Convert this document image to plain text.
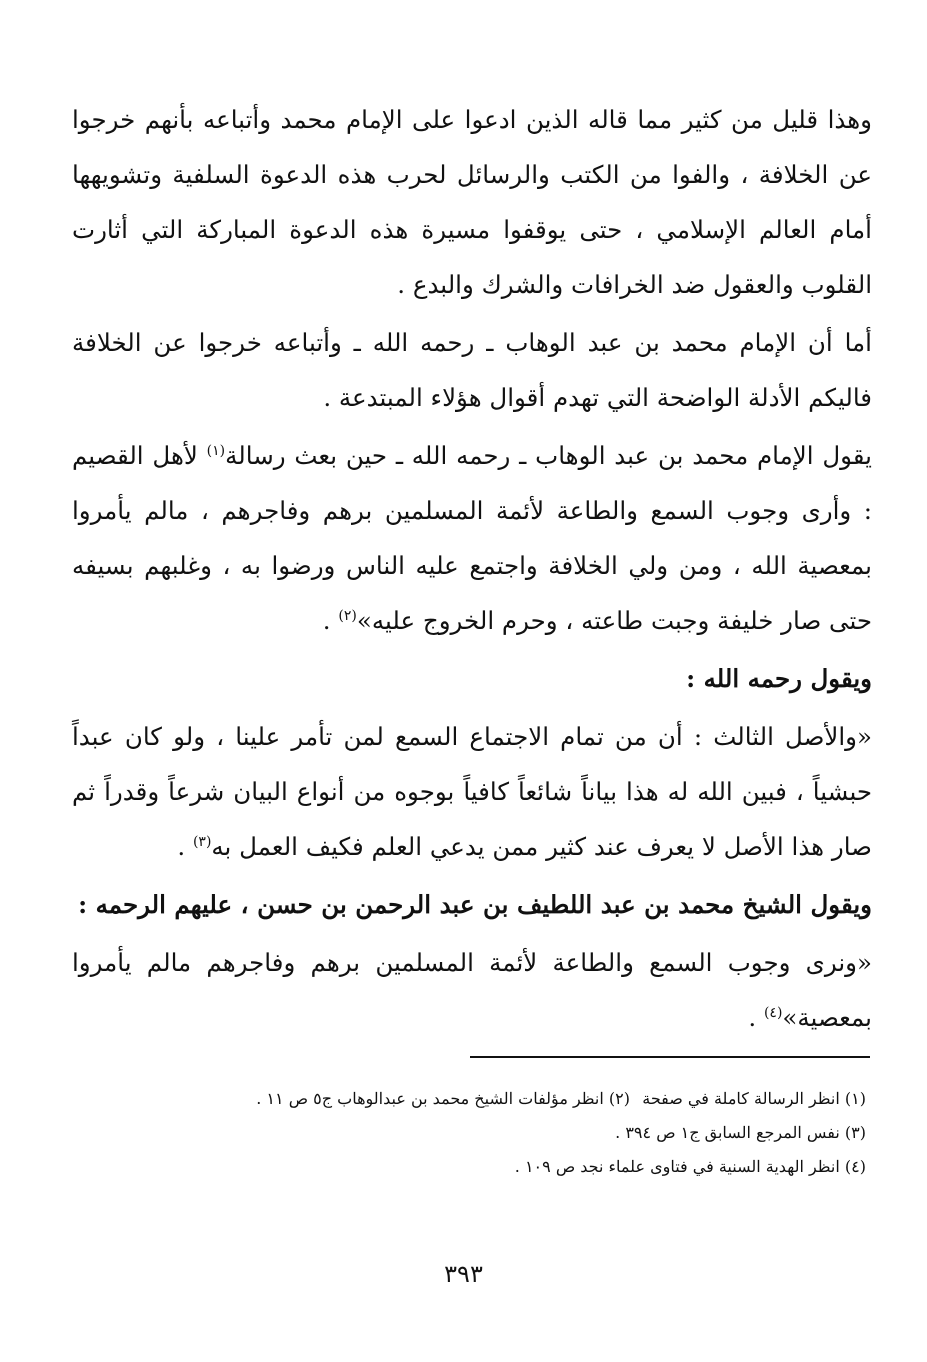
وهذا قليل من كثير مما قاله الذين ادعوا على الإمام محمد وأتباعه بأنهم خرجوا عن الخلافة ، والفوا من الكتب والرسائل لحرب هذه الدعوة السلفية وتشويهها أمام العالم الإسلامي ، حتى يوقفوا مسيرة هذه الدعوة المباركة التي أثارت القلوب والعقول ضد الخرافات والشرك والبدع .

أما أن الإمام محمد بن عبد الوهاب ـ رحمه الله ـ وأتباعه خرجوا عن الخلافة فاليكم الأدلة الواضحة التي تهدم أقوال هؤلاء المبتدعة .

يقول الإمام محمد بن عبد الوهاب ـ رحمه الله ـ حين بعث رسالة$^{(١)}$ لأهل القصيم : وأرى وجوب السمع والطاعة لأئمة المسلمين برهم وفاجرهم ، مالم يأمروا بمعصية الله ، ومن ولي الخلافة واجتمع عليه الناس ورضوا به ، وغلبهم بسيفه حتى صار خليفة وجبت طاعته ، وحرم الخروج عليه»$^{(٢)}$ .

ويقول رحمه الله :

«والأصل الثالث : أن من تمام الاجتماع السمع لمن تأمر علينا ، ولو كان عبداً حبشياً ، فبين الله له هذا بياناً شائعاً كافياً بوجوه من أنواع البيان شرعاً وقدراً ثم صار هذا الأصل لا يعرف عند كثير ممن يدعي العلم فكيف العمل به$^{(٣)}$ .

ويقول الشيخ محمد بن عبد اللطيف بن عبد الرحمن بن حسن ، عليهم الرحمه :

«ونرى وجوب السمع والطاعة لأئمة المسلمين برهم وفاجرهم مالم يأمروا بمعصية»$^{(٤)}$ .

(١) انظر الرسالة كاملة في صفحة
(٢) انظر مؤلفات الشيخ محمد بن عبدالوهاب ج٥ ص ١١ .
(٣) نفس المرجع السابق ج١ ص ٣٩٤ .
(٤) انظر الهدية السنية في فتاوى علماء نجد ص ١٠٩ .
٣٩٣
